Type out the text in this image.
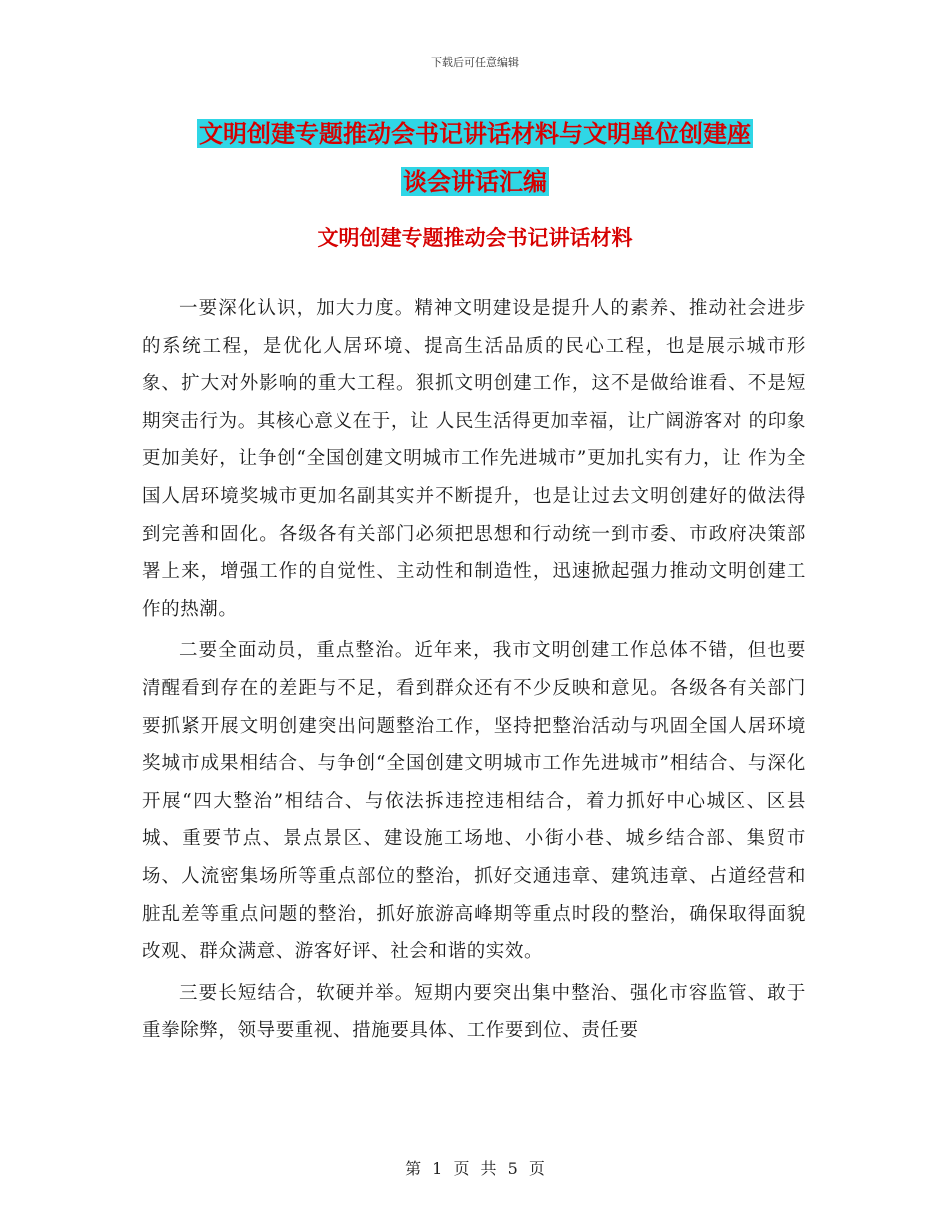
下载后可任意编辑
文明创建专题推动会书记讲话材料与文明单位创建座
谈会讲话汇编
文明创建专题推动会书记讲话材料

一要深化认识，加大力度。精神文明建设是提升人的素养、推动社会进步的系统工程，是优化人居环境、提高生活品质的民心工程，也是展示城市形象、扩大对外影响的重大工程。狠抓文明创建工作，这不是做给谁看、不是短期突击行为。其核心意义在于，让 人民生活得更加幸福，让广阔游客对 的印象更加美好，让争创“全国创建文明城市工作先进城市”更加扎实有力，让 作为全国人居环境奖城市更加名副其实并不断提升，也是让过去文明创建好的做法得到完善和固化。各级各有关部门必须把思想和行动统一到市委、市政府决策部署上来，增强工作的自觉性、主动性和制造性，迅速掀起强力推动文明创建工作的热潮。

二要全面动员，重点整治。近年来，我市文明创建工作总体不错，但也要清醒看到存在的差距与不足，看到群众还有不少反映和意见。各级各有关部门要抓紧开展文明创建突出问题整治工作，坚持把整治活动与巩固全国人居环境奖城市成果相结合、与争创“全国创建文明城市工作先进城市”相结合、与深化开展“四大整治”相结合、与依法拆违控违相结合，着力抓好中心城区、区县城、重要节点、景点景区、建设施工场地、小街小巷、城乡结合部、集贸市场、人流密集场所等重点部位的整治，抓好交通违章、建筑违章、占道经营和脏乱差等重点问题的整治，抓好旅游高峰期等重点时段的整治，确保取得面貌改观、群众满意、游客好评、社会和谐的实效。

三要长短结合，软硬并举。短期内要突出集中整治、强化市容监管、敢于重拳除弊，领导要重视、措施要具体、工作要到位、责任要

第 1 页 共 5 页
